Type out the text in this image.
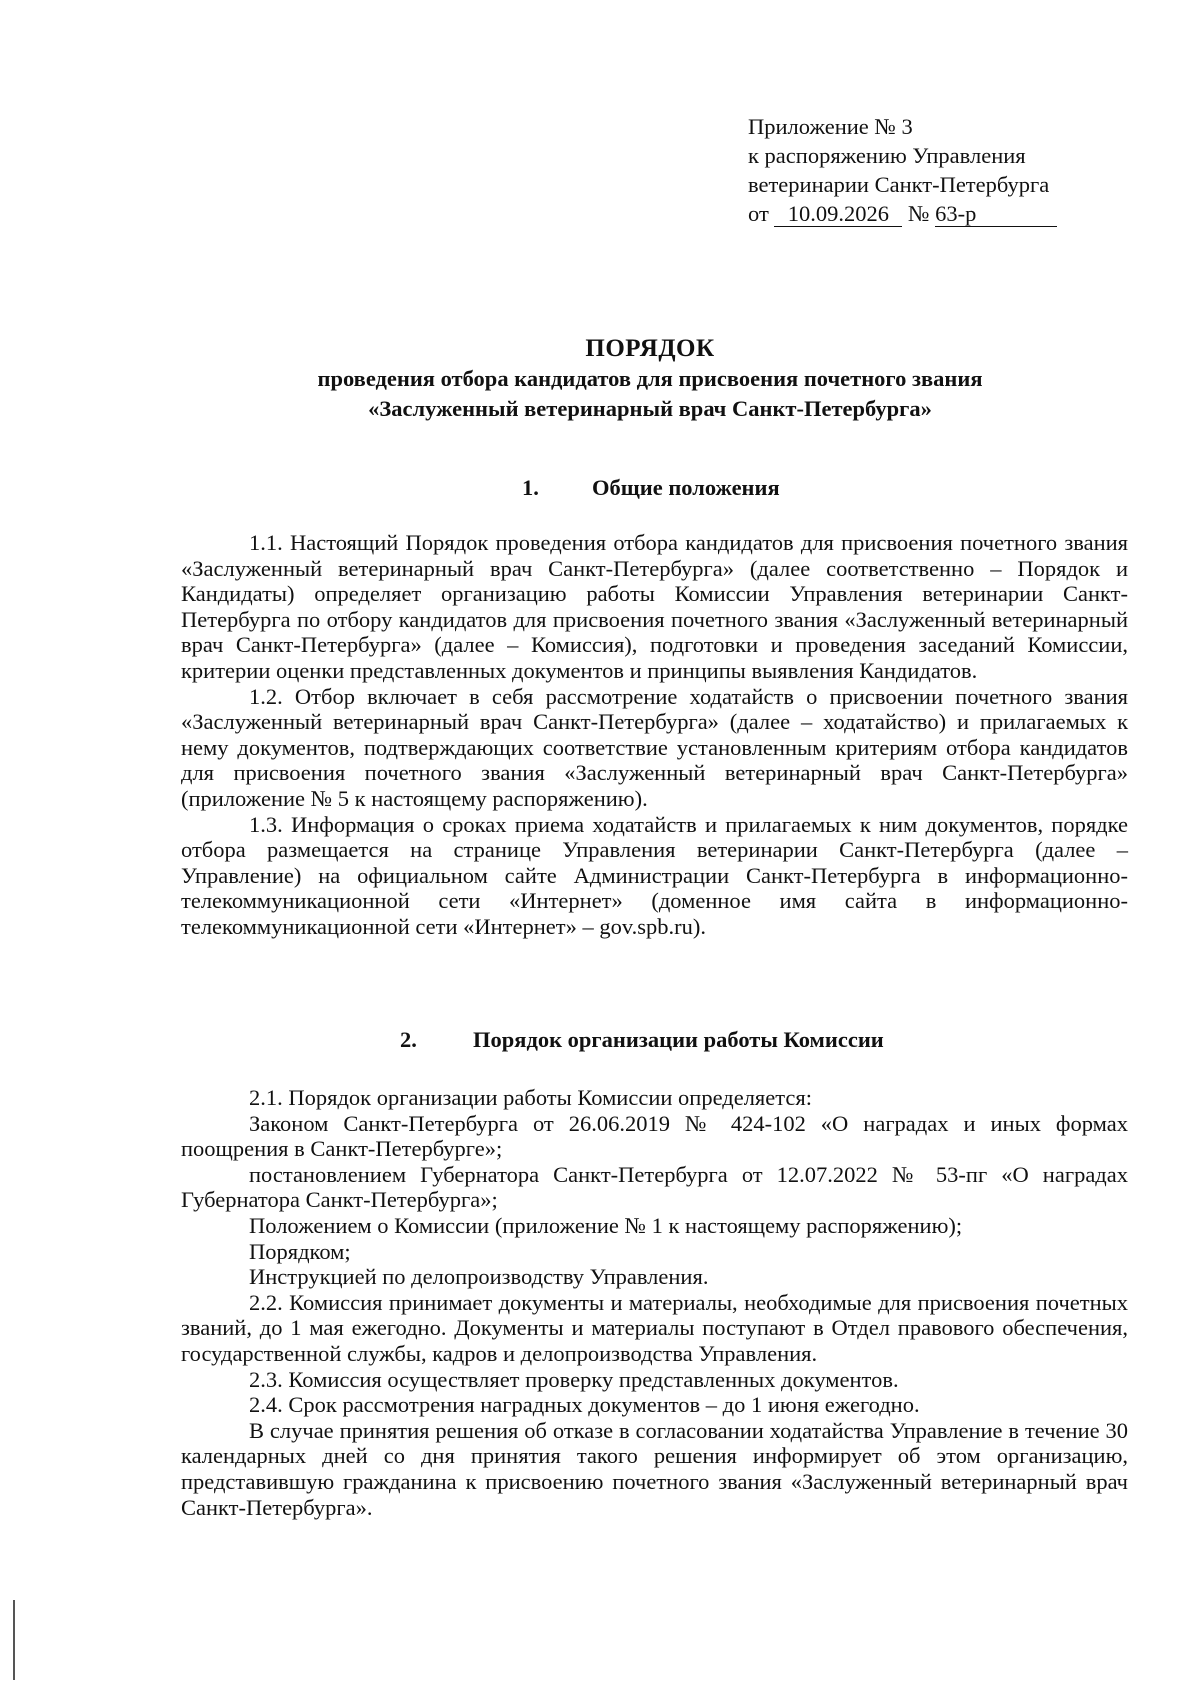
Приложение № 3
к распоряжению Управления
ветеринарии Санкт-Петербурга
от 10.09.2026 № 63-р
ПОРЯДОК
проведения отбора кандидатов для присвоения почетного звания
«Заслуженный ветеринарный врач Санкт-Петербурга»
1. Общие положения

1.1. Настоящий Порядок проведения отбора кандидатов для присвоения почетного звания «Заслуженный ветеринарный врач Санкт-Петербурга» (далее соответственно – Порядок и Кандидаты) определяет организацию работы Комиссии Управления ветеринарии Санкт-Петербурга по отбору кандидатов для присвоения почетного звания «Заслуженный ветеринарный врач Санкт-Петербурга» (далее – Комиссия), подготовки и проведения заседаний Комиссии, критерии оценки представленных документов и принципы выявления Кандидатов.

1.2. Отбор включает в себя рассмотрение ходатайств о присвоении почетного звания «Заслуженный ветеринарный врач Санкт-Петербурга» (далее – ходатайство) и прилагаемых к нему документов, подтверждающих соответствие установленным критериям отбора кандидатов для присвоения почетного звания «Заслуженный ветеринарный врач Санкт-Петербурга» (приложение № 5 к настоящему распоряжению).

1.3. Информация о сроках приема ходатайств и прилагаемых к ним документов, порядке отбора размещается на странице Управления ветеринарии Санкт-Петербурга (далее – Управление) на официальном сайте Администрации Санкт-Петербурга в информационно-телекоммуникационной сети «Интернет» (доменное имя сайта в информационно-телекоммуникационной сети «Интернет» – gov.spb.ru).

2. Порядок организации работы Комиссии

2.1. Порядок организации работы Комиссии определяется:

Законом Санкт-Петербурга от 26.06.2019 № 424-102 «О наградах и иных формах поощрения в Санкт-Петербурге»;

постановлением Губернатора Санкт-Петербурга от 12.07.2022 № 53-пг «О наградах Губернатора Санкт-Петербурга»;

Положением о Комиссии (приложение № 1 к настоящему распоряжению);

Порядком;

Инструкцией по делопроизводству Управления.

2.2. Комиссия принимает документы и материалы, необходимые для присвоения почетных званий, до 1 мая ежегодно. Документы и материалы поступают в Отдел правового обеспечения, государственной службы, кадров и делопроизводства Управления.

2.3. Комиссия осуществляет проверку представленных документов.

2.4. Срок рассмотрения наградных документов – до 1 июня ежегодно.

В случае принятия решения об отказе в согласовании ходатайства Управление в течение 30 календарных дней со дня принятия такого решения информирует об этом организацию, представившую гражданина к присвоению почетного звания «Заслуженный ветеринарный врач Санкт-Петербурга».
